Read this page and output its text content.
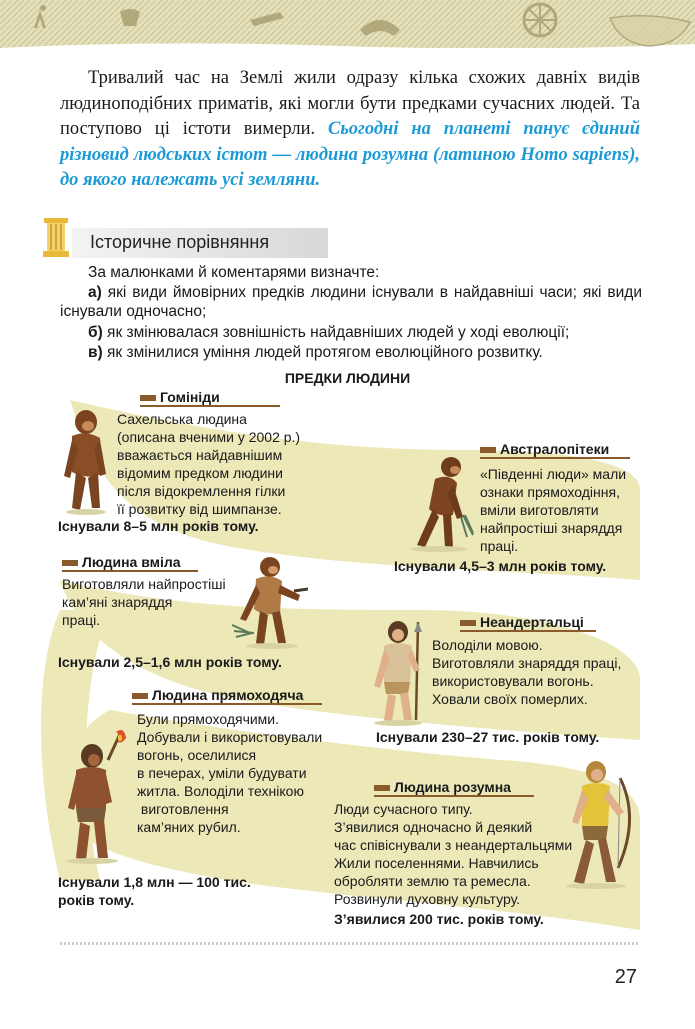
Тривалий час на Землі жили одразу кілька схожих давніх видів людиноподібних приматів, які могли бути предками сучасних людей. Та поступово ці істоти вимерли. Сьогодні на планеті панує єдиний різновид людських істот — людина розумна (латиною Homo sapiens), до якого належать усі земляни.
Історичне порівняння
За малюнками й коментарями визначте:
а) які види ймовірних предків людини існували в найдавніші часи; які види існували одночасно;
б) як змінювалася зовнішність найдавніших людей у ході еволюції;
в) як змінилися уміння людей протягом еволюційного розвитку.
ПРЕДКИ ЛЮДИНИ
Гомініди
Сахельська людина
(описана вченими у 2002 р.)
вважається найдавнішим
відомим предком людини
після відокремлення гілки
її розвитку від шимпанзе.
Існували 8–5 млн років тому.
Австралопітеки
«Південні люди» мали
ознаки прямоходіння,
вміли виготовляти
найпростіші знаряддя
праці.
Існували 4,5–3 млн років тому.
Людина вміла
Виготовляли найпростіші
кам’яні знаряддя
праці.
Існували 2,5–1,6 млн років тому.
Неандертальці
Володіли мовою.
Виготовляли знаряддя праці,
використовували вогонь.
Ховали своїх померлих.
Існували 230–27 тис. років тому.
Людина прямоходяча
Були прямоходячими.
Добували і використовували
вогонь, оселилися
в печерах, уміли будувати
житла. Володіли технікою
виготовлення
кам’яних рубил.
Існували 1,8 млн — 100 тис.
років тому.
Людина розумна
Люди сучасного типу.
З’явилися одночасно й деякий
час співіснували з неандертальцями
Жили поселеннями. Навчились
обробляти землю та ремесла.
Розвинули духовну культуру.
З’явилися 200 тис. років тому.
27
